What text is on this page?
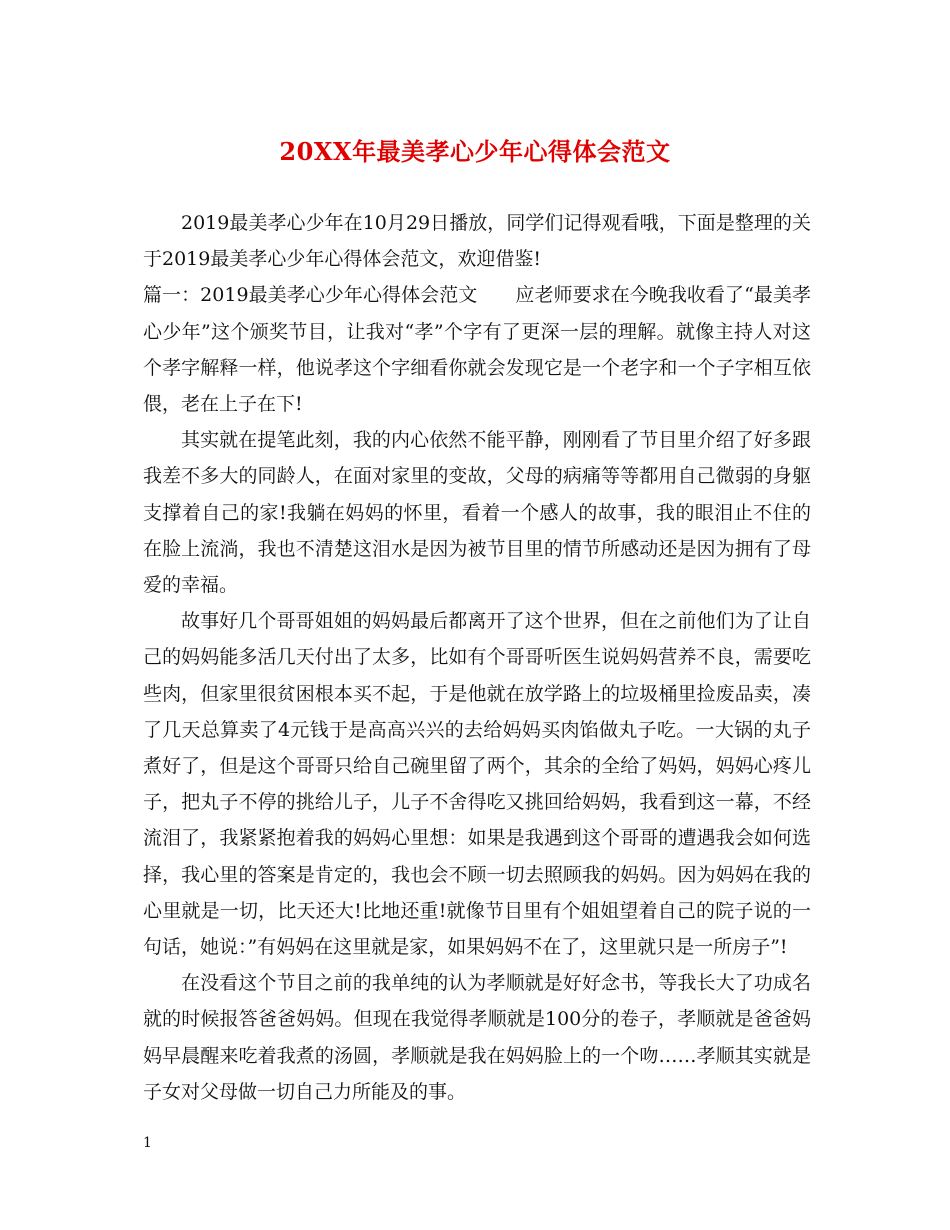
20XX年最美孝心少年心得体会范文

2019最美孝心少年在10月29日播放，同学们记得观看哦，下面是整理的关于2019最美孝心少年心得体会范文，欢迎借鉴!

篇一：2019最美孝心少年心得体会范文 应老师要求在今晚我收看了“最美孝心少年”这个颁奖节目，让我对“孝”个字有了更深一层的理解。就像主持人对这个孝字解释一样，他说孝这个字细看你就会发现它是一个老字和一个子字相互依偎，老在上子在下!

其实就在提笔此刻，我的内心依然不能平静，刚刚看了节目里介绍了好多跟我差不多大的同龄人，在面对家里的变故，父母的病痛等等都用自己微弱的身躯支撑着自己的家!我躺在妈妈的怀里，看着一个感人的故事，我的眼泪止不住的在脸上流淌，我也不清楚这泪水是因为被节目里的情节所感动还是因为拥有了母爱的幸福。

故事好几个哥哥姐姐的妈妈最后都离开了这个世界，但在之前他们为了让自己的妈妈能多活几天付出了太多，比如有个哥哥听医生说妈妈营养不良，需要吃些肉，但家里很贫困根本买不起，于是他就在放学路上的垃圾桶里捡废品卖，凑了几天总算卖了4元钱于是高高兴兴的去给妈妈买肉馅做丸子吃。一大锅的丸子煮好了，但是这个哥哥只给自己碗里留了两个，其余的全给了妈妈，妈妈心疼儿子，把丸子不停的挑给儿子，儿子不舍得吃又挑回给妈妈，我看到这一幕，不经流泪了，我紧紧抱着我的妈妈心里想：如果是我遇到这个哥哥的遭遇我会如何选择，我心里的答案是肯定的，我也会不顾一切去照顾我的妈妈。因为妈妈在我的心里就是一切，比天还大!比地还重!就像节目里有个姐姐望着自己的院子说的一句话，她说：”有妈妈在这里就是家，如果妈妈不在了，这里就只是一所房子”!

在没看这个节目之前的我单纯的认为孝顺就是好好念书，等我长大了功成名就的时候报答爸爸妈妈。但现在我觉得孝顺就是100分的卷子，孝顺就是爸爸妈妈早晨醒来吃着我煮的汤圆，孝顺就是我在妈妈脸上的一个吻……孝顺其实就是子女对父母做一切自己力所能及的事。

1
